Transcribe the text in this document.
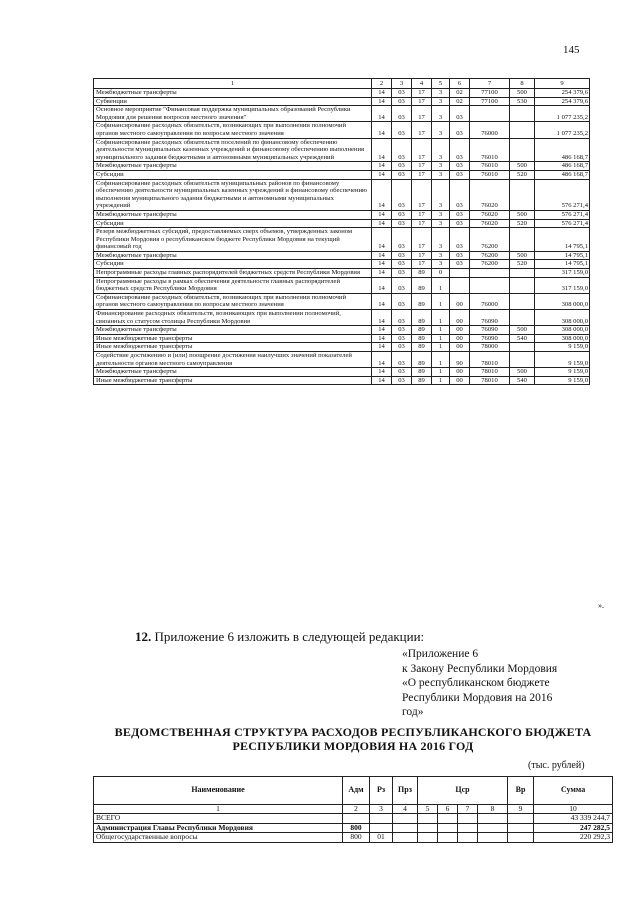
145
1	2	3	4	5	6	7	8	9
Межбюджетные трансферты	14	03	17	3	02	77100	500	254 379,6
Субвенции	14	03	17	3	02	77100	530	254 379,6
Основное мероприятие "Финансовая поддержка муниципальных образований Республики Мордовия для решения вопросов местного значения"	14	03	17	3	03			1 077 235,2
Софинансирование расходных обязательств, возникающих при выполнении полномочий органов местного самоуправления по вопросам местного значения	14	03	17	3	03	76000		1 077 235,2
Софинансирование расходных обязательств поселений по финансовому обеспечению деятельности муниципальных казенных учреждений и финансовому обеспечению выполнения муниципального задания бюджетными и автономными муниципальных учреждений	14	03	17	3	03	76010		486 168,7
Межбюджетные трансферты	14	03	17	3	03	76010	500	486 168,7
Субсидии	14	03	17	3	03	76010	520	486 168,7
Софинансирование расходных обязательств муниципальных районов по финансовому обеспечению деятельности муниципальных казенных учреждений и финансовому обеспечению выполнения муниципального задания бюджетными и автономными муниципальных учреждений	14	03	17	3	03	76020		576 271,4
Межбюджетные трансферты	14	03	17	3	03	76020	500	576 271,4
Субсидии	14	03	17	3	03	76020	520	576 271,4
Резерв межбюджетных субсидий, предоставляемых сверх объемов, утвержденных законом Республики Мордовия о республиканском бюджете Республики Мордовия на текущий финансовый год	14	03	17	3	03	76200		14 795,1
Межбюджетные трансферты	14	03	17	3	03	76200	500	14 795,1
Субсидии	14	03	17	3	03	76200	520	14 795,1
Непрограммные расходы главных распорядителей бюджетных средств Республики Мордовия	14	03	89	0				317 159,0
Непрограммные расходы в рамках обеспечения деятельности главных распорядителей бюджетных средств Республики Мордовия	14	03	89	1				317 159,0
Софинансирование расходных обязательств, возникающих при выполнении полномочий органов местного самоуправления по вопросам местного значения	14	03	89	1	00	76000		308 000,0
Финансирование расходных обязательств, возникающих при выполнении полномочий, связанных со статусом столицы Республики Мордовия	14	03	89	1	00	76090		308 000,0
Межбюджетные трансферты	14	03	89	1	00	76090	500	308 000,0
Иные межбюджетные трансферты	14	03	89	1	00	76090	540	308 000,0
Иные межбюджетные трансферты	14	03	89	1	00	78000		9 159,0
Содействие достижению и (или) поощрение достижения наилучших значений показателей деятельности органов местного самоуправления	14	03	89	1	90	78010		9 159,0
Межбюджетные трансферты	14	03	89	1	00	78010	500	9 159,0
Иные межбюджетные трансферты	14	03	89	1	00	78010	540	9 159,0
».
12. Приложение 6 изложить в следующей редакции:
«Приложение 6
к Закону Республики Мордовия
«О республиканском бюджете
Республики Мордовия на 2016
год»
ВЕДОМСТВЕННАЯ СТРУКТУРА РАСХОДОВ РЕСПУБЛИКАНСКОГО БЮДЖЕТА
РЕСПУБЛИКИ МОРДОВИЯ НА 2016 ГОД
(тыс. рублей)
Наименование	Адм	Рз	Прз	Цср				Вр	Сумма
1	2	3	4	5	6	7	8	9	10
ВСЕГО									43 339 244,7
Администрация Главы Республики Мордовия	800								247 282,5
Общегосударственные вопросы	800	01							220 292,3
